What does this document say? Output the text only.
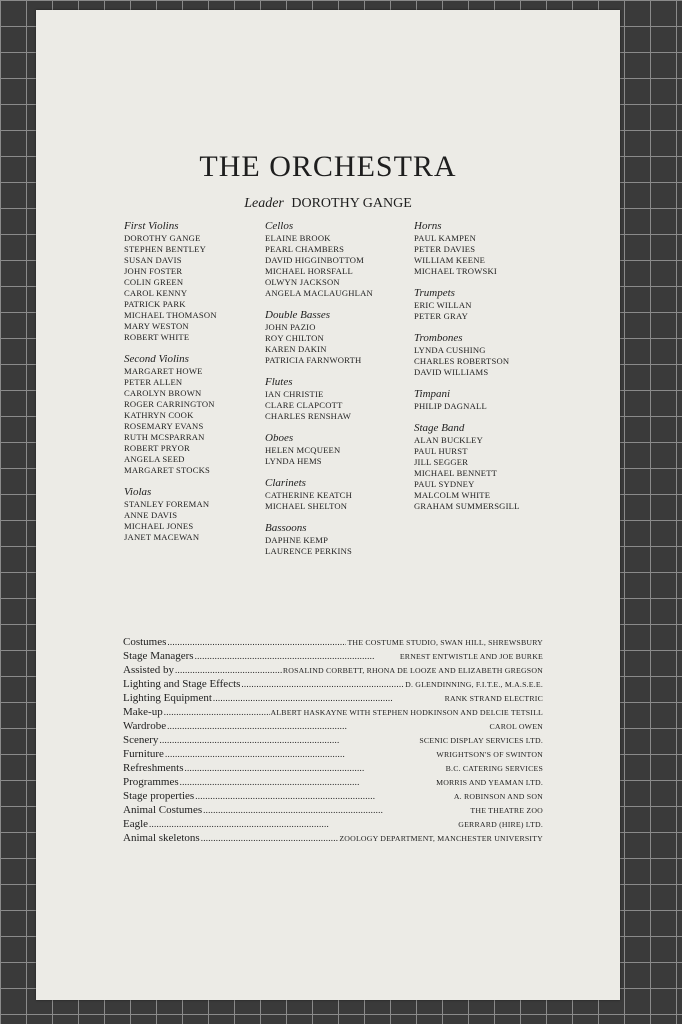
THE ORCHESTRA
Leader DOROTHY GANGE
First Violins
DOROTHY GANGE
STEPHEN BENTLEY
SUSAN DAVIS
JOHN FOSTER
COLIN GREEN
CAROL KENNY
PATRICK PARK
MICHAEL THOMASON
MARY WESTON
ROBERT WHITE
Second Violins
MARGARET HOWE
PETER ALLEN
CAROLYN BROWN
ROGER CARRINGTON
KATHRYN COOK
ROSEMARY EVANS
RUTH MCSPARRAN
ROBERT PRYOR
ANGELA SEED
MARGARET STOCKS
Violas
STANLEY FOREMAN
ANNE DAVIS
MICHAEL JONES
JANET MACEWAN
Cellos
ELAINE BROOK
PEARL CHAMBERS
DAVID HIGGINBOTTOM
MICHAEL HORSFALL
OLWYN JACKSON
ANGELA MACLAUGHLAN
Double Basses
JOHN PAZIO
ROY CHILTON
KAREN DAKIN
PATRICIA FARNWORTH
Flutes
IAN CHRISTIE
CLARE CLAPCOTT
CHARLES RENSHAW
Oboes
HELEN MCQUEEN
LYNDA HEMS
Clarinets
CATHERINE KEATCH
MICHAEL SHELTON
Bassoons
DAPHNE KEMP
LAURENCE PERKINS
Horns
PAUL KAMPEN
PETER DAVIES
WILLIAM KEENE
MICHAEL TROWSKI
Trumpets
ERIC WILLAN
PETER GRAY
Trombones
LYNDA CUSHING
CHARLES ROBERTSON
DAVID WILLIAMS
Timpani
PHILIP DAGNALL
Stage Band
ALAN BUCKLEY
PAUL HURST
JILL SEGGER
MICHAEL BENNETT
PAUL SYDNEY
MALCOLM WHITE
GRAHAM SUMMERSGILL
Costumes . . .	THE COSTUME STUDIO, SWAN HILL, SHREWSBURY
Stage Managers . . .	ERNEST ENTWISTLE AND JOE BURKE
Assisted by . . .	ROSALIND CORBETT, RHONA DE LOOZE AND ELIZABETH GREGSON
Lighting and Stage Effects . . .	D. GLENDINNING, F.I.T.E., M.A.S.E.E.
Lighting Equipment . . .	RANK STRAND ELECTRIC
Make-up . . .	ALBERT HASKAYNE WITH STEPHEN HODKINSON AND DELCIE TETSILL
Wardrobe . . .	CAROL OWEN
Scenery . . .	SCENIC DISPLAY SERVICES LTD.
Furniture . . .	WRIGHTSON'S OF SWINTON
Refreshments . . .	B.C. CATERING SERVICES
Programmes . . .	MORRIS AND YEAMAN LTD.
Stage properties . . .	A. ROBINSON AND SON
Animal Costumes . . .	THE THEATRE ZOO
Eagle . . .	GERRARD (HIRE) LTD.
Animal skeletons . . .	ZOOLOGY DEPARTMENT, MANCHESTER UNIVERSITY
